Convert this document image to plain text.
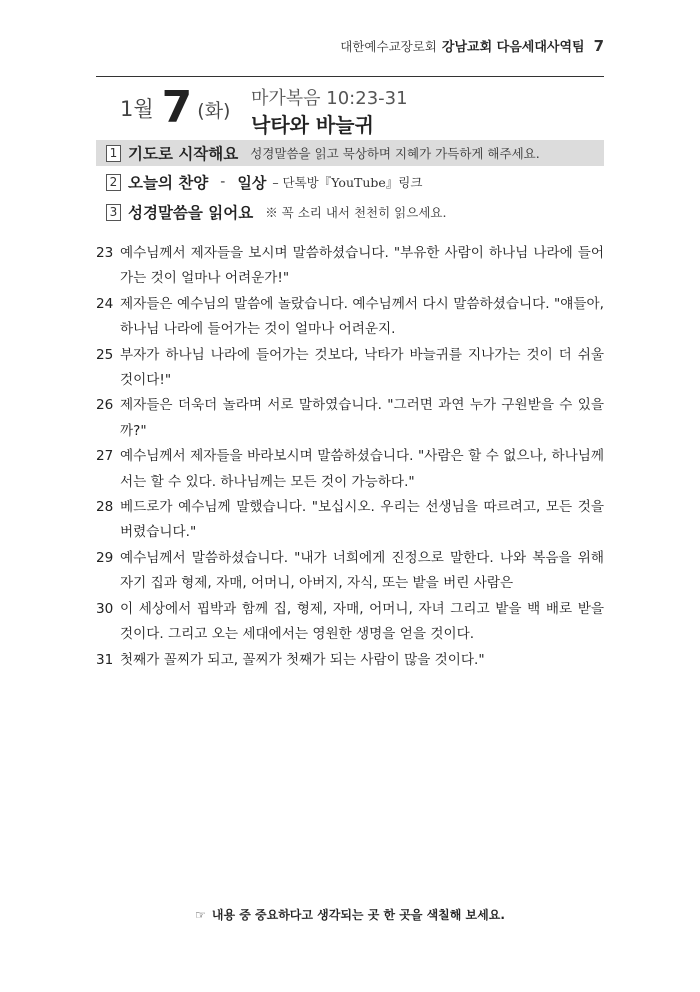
대한예수교장로회 강남교회 다음세대사역팀 7
1월 7 (화)
마가복음 10:23-31
낙타와 바늘귀
1 기도로 시작해요 성경말씀을 읽고 묵상하며 지혜가 가득하게 해주세요.
2 오늘의 찬양 - 일상 – 단톡방『YouTube』링크
3 성경말씀을 읽어요 ※ 꼭 소리 내서 천천히 읽으세요.
23 예수님께서 제자들을 보시며 말씀하셨습니다. "부유한 사람이 하나님 나라에 들어가는 것이 얼마나 어려운가!"
24 제자들은 예수님의 말씀에 놀랐습니다. 예수님께서 다시 말씀하셨습니다. "얘들아, 하나님 나라에 들어가는 것이 얼마나 어려운지.
25 부자가 하나님 나라에 들어가는 것보다, 낙타가 바늘귀를 지나가는 것이 더 쉬울 것이다!"
26 제자들은 더욱더 놀라며 서로 말하였습니다. "그러면 과연 누가 구원받을 수 있을까?"
27 예수님께서 제자들을 바라보시며 말씀하셨습니다. "사람은 할 수 없으나, 하나님께서는 할 수 있다. 하나님께는 모든 것이 가능하다."
28 베드로가 예수님께 말했습니다. "보십시오. 우리는 선생님을 따르려고, 모든 것을 버렸습니다."
29 예수님께서 말씀하셨습니다. "내가 너희에게 진정으로 말한다. 나와 복음을 위해 자기 집과 형제, 자매, 어머니, 아버지, 자식, 또는 밭을 버린 사람은
30 이 세상에서 핍박과 함께 집, 형제, 자매, 어머니, 자녀 그리고 밭을 백 배로 받을 것이다. 그리고 오는 세대에서는 영원한 생명을 얻을 것이다.
31 첫째가 꼴찌가 되고, 꼴찌가 첫째가 되는 사람이 많을 것이다."
☞ 내용 중 중요하다고 생각되는 곳 한 곳을 색칠해 보세요.
